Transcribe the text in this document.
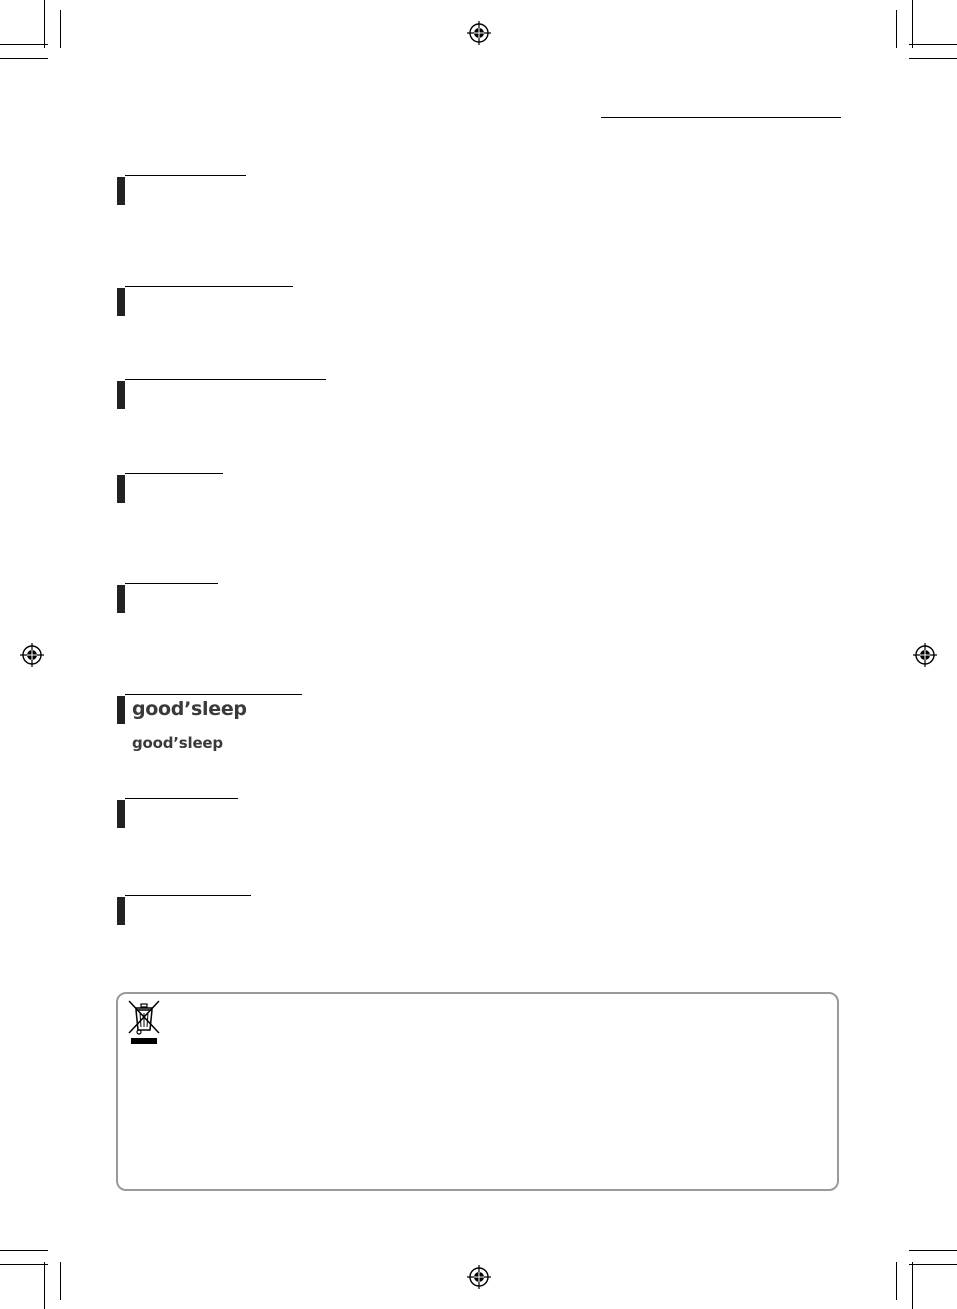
good’sleep
good’sleep
